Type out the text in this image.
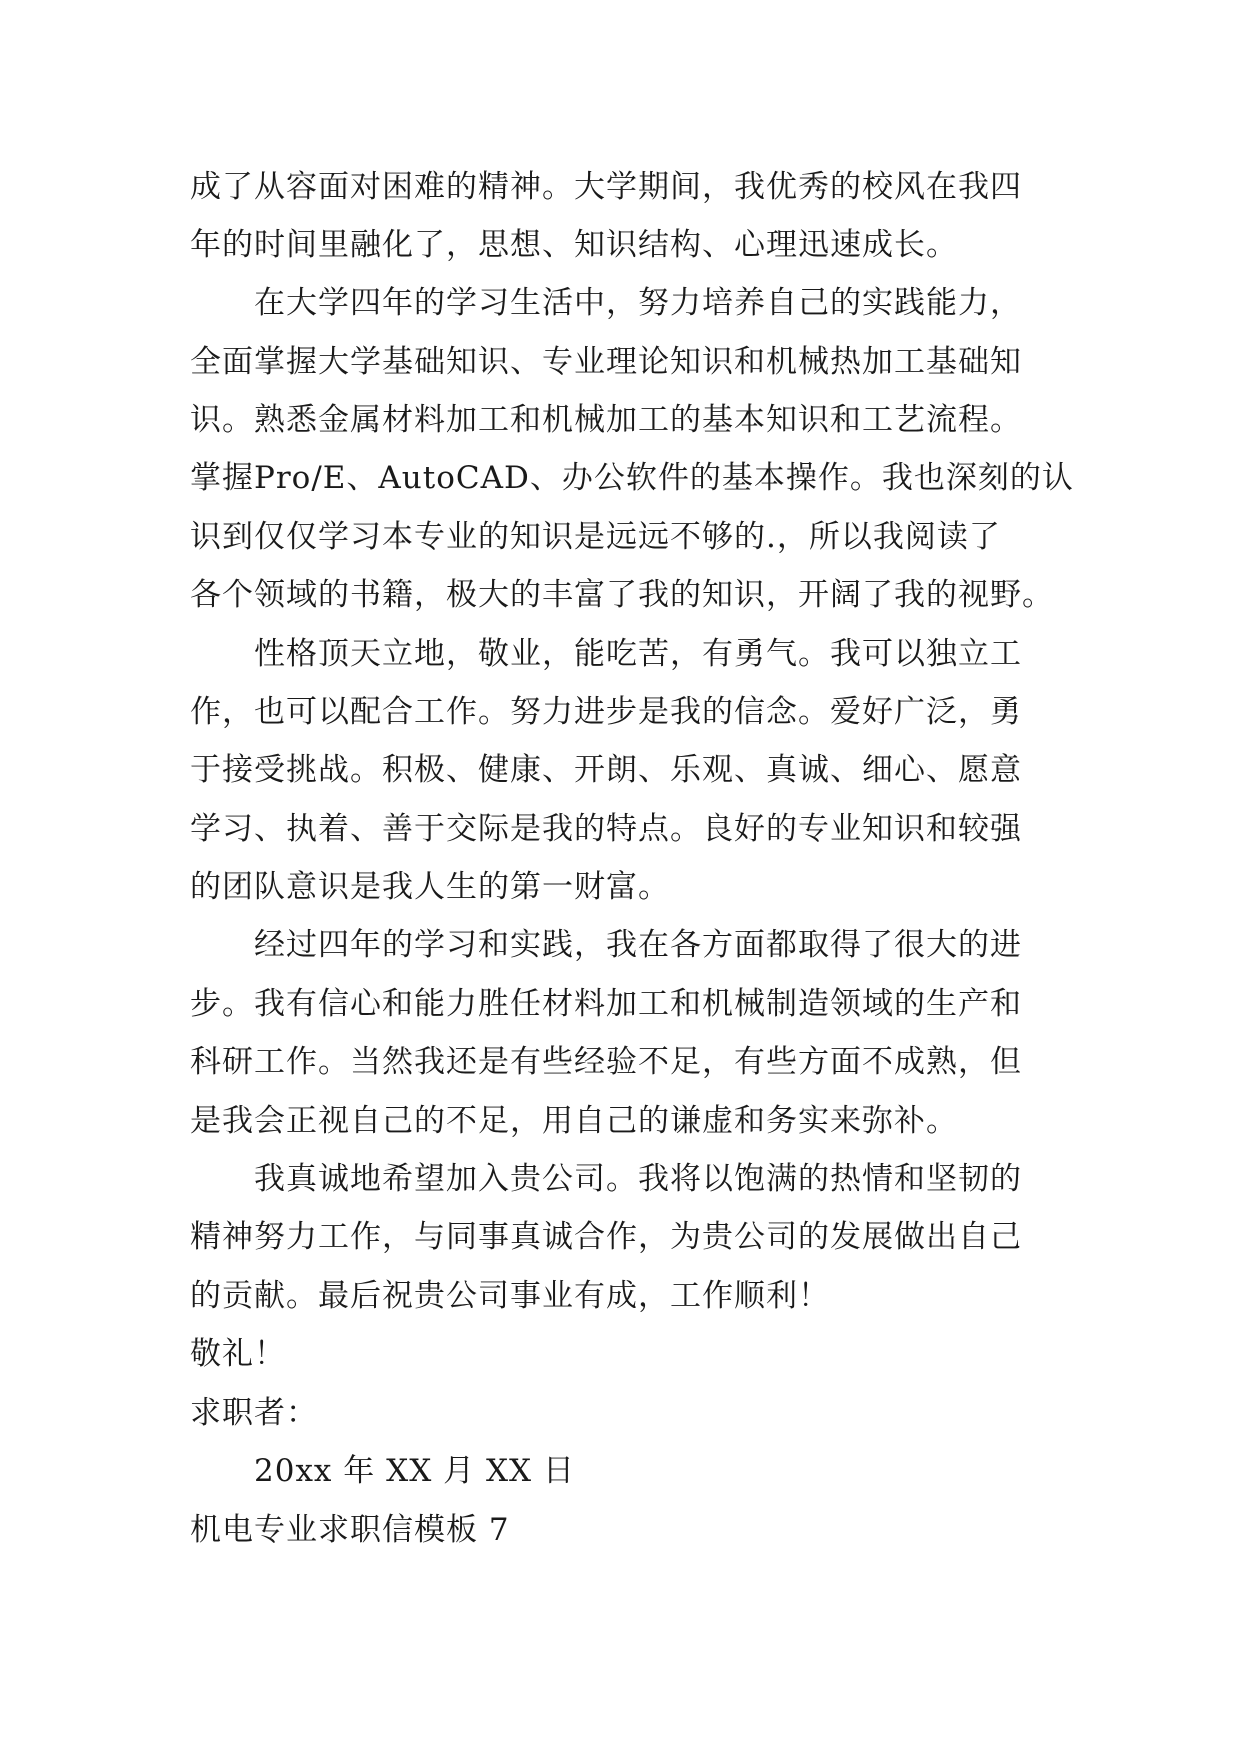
成了从容面对困难的精神。大学期间，我优秀的校风在我四
年的时间里融化了，思想、知识结构、心理迅速成长。
在大学四年的学习生活中，努力培养自己的实践能力，
全面掌握大学基础知识、专业理论知识和机械热加工基础知
识。熟悉金属材料加工和机械加工的基本知识和工艺流程。
掌握Pro/E、AutoCAD、办公软件的基本操作。我也深刻的认
识到仅仅学习本专业的知识是远远不够的.，所以我阅读了
各个领域的书籍，极大的丰富了我的知识，开阔了我的视野。
性格顶天立地，敬业，能吃苦，有勇气。我可以独立工
作，也可以配合工作。努力进步是我的信念。爱好广泛，勇
于接受挑战。积极、健康、开朗、乐观、真诚、细心、愿意
学习、执着、善于交际是我的特点。良好的专业知识和较强
的团队意识是我人生的第一财富。
经过四年的学习和实践，我在各方面都取得了很大的进
步。我有信心和能力胜任材料加工和机械制造领域的生产和
科研工作。当然我还是有些经验不足，有些方面不成熟，但
是我会正视自己的不足，用自己的谦虚和务实来弥补。
我真诚地希望加入贵公司。我将以饱满的热情和坚韧的
精神努力工作，与同事真诚合作，为贵公司的发展做出自己
的贡献。最后祝贵公司事业有成，工作顺利！
敬礼！
求职者：
20xx 年 XX 月 XX 日
机电专业求职信模板 7
